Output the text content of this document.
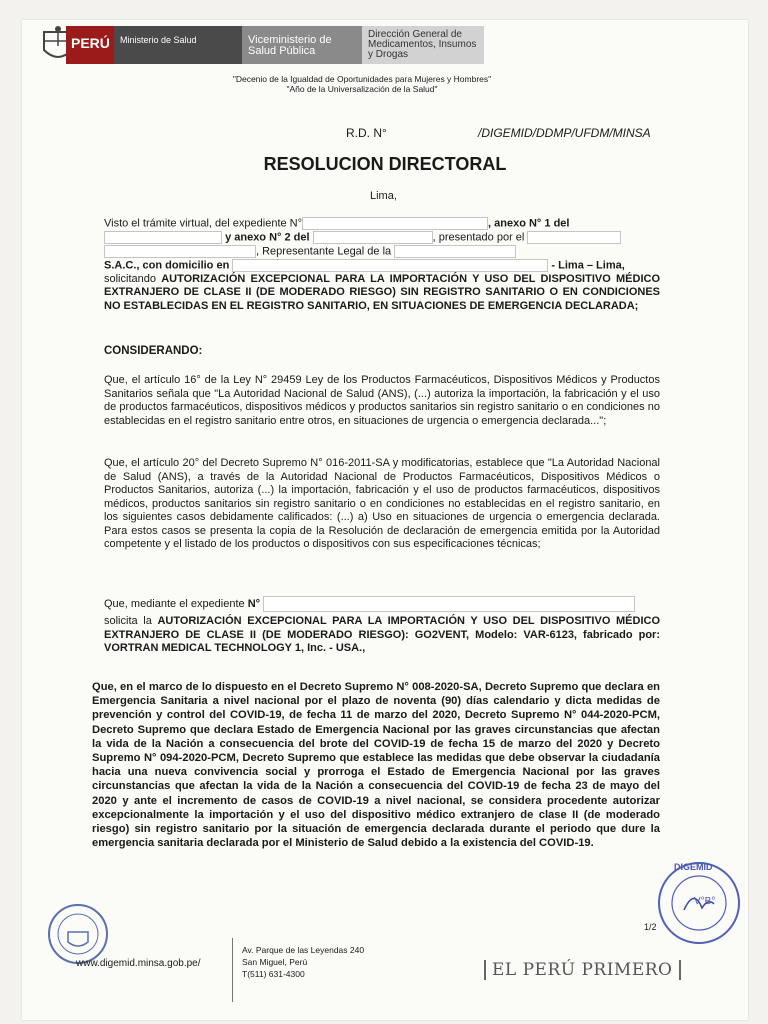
PERÚ	Ministerio de Salud	Viceministerio de Salud Pública
Dirección General de Medicamentos, Insumos y Drogas
"Decenio de la Igualdad de Oportunidades para Mujeres y Hombres"
"Año de la Universalización de la Salud"
R.D. N°	/DIGEMID/DDMP/UFDM/MINSA
RESOLUCION DIRECTORAL
Lima,
Visto el trámite virtual, del expediente N°	, anexo N° 1 del
y anexo N° 2 del	, presentado por el
, Representante Legal de la
S.A.C., con domicilio en	- Lima – Lima,
solicitando AUTORIZACIÓN EXCEPCIONAL PARA LA IMPORTACIÓN Y USO DEL DISPOSITIVO MÉDICO EXTRANJERO DE CLASE II (DE MODERADO RIESGO) SIN REGISTRO SANITARIO O EN CONDICIONES NO ESTABLECIDAS EN EL REGISTRO SANITARIO, EN SITUACIONES DE EMERGENCIA DECLARADA;
CONSIDERANDO:
Que, el artículo 16° de la Ley N° 29459 Ley de los Productos Farmacéuticos, Dispositivos Médicos y Productos Sanitarios señala que "La Autoridad Nacional de Salud (ANS), (...) autoriza la importación, la fabricación y el uso de productos farmacéuticos, dispositivos médicos y productos sanitarios sin registro sanitario o en condiciones no establecidas en el registro sanitario entre otros, en situaciones de urgencia o emergencia declarada...";
Que, el artículo 20° del Decreto Supremo N° 016-2011-SA y modificatorias, establece que "La Autoridad Nacional de Salud (ANS), a través de la Autoridad Nacional de Productos Farmacéuticos, Dispositivos Médicos o Productos Sanitarios, autoriza (...) la importación, fabricación y el uso de productos farmacéuticos, dispositivos médicos, productos sanitarios sin registro sanitario o en condiciones no establecidas en el registro sanitario, en los siguientes casos debidamente calificados: (...) a) Uso en situaciones de urgencia o emergencia declarada. Para estos casos se presenta la copia de la Resolución de declaración de emergencia emitida por la Autoridad competente y el listado de los productos o dispositivos con sus especificaciones técnicas;
Que, mediante el expediente N°
solicita la AUTORIZACIÓN EXCEPCIONAL PARA LA IMPORTACIÓN Y USO DEL DISPOSITIVO MÉDICO EXTRANJERO DE CLASE II (DE MODERADO RIESGO): GO2VENT, Modelo: VAR-6123, fabricado por: VORTRAN MEDICAL TECHNOLOGY 1, Inc. - USA.,
Que, en el marco de lo dispuesto en el Decreto Supremo N° 008-2020-SA, Decreto Supremo que declara en Emergencia Sanitaria a nivel nacional por el plazo de noventa (90) días calendario y dicta medidas de prevención y control del COVID-19, de fecha 11 de marzo del 2020, Decreto Supremo N° 044-2020-PCM, Decreto Supremo que declara Estado de Emergencia Nacional por las graves circunstancias que afectan la vida de la Nación a consecuencia del brote del COVID-19 de fecha 15 de marzo del 2020 y Decreto Supremo N° 094-2020-PCM, Decreto Supremo que establece las medidas que debe observar la ciudadanía hacia una nueva convivencia social y prorroga el Estado de Emergencia Nacional por las graves circunstancias que afectan la vida de la Nación a consecuencia del COVID-19 de fecha 23 de mayo del 2020 y ante el incremento de casos de COVID-19 a nivel nacional, se considera procedente autorizar excepcionalmente la importación y el uso del dispositivo médico extranjero de clase II (de moderado riesgo) sin registro sanitario por la situación de emergencia declarada durante el periodo que dure la emergencia sanitaria declarada por el Ministerio de Salud debido a la existencia del COVID-19.
DIGEMID
V°B°
1/2
www.digemid.minsa.gob.pe/
Av. Parque de las Leyendas 240
San Miguel, Perú
T(511) 631-4300	EL PERÚ PRIMERO
